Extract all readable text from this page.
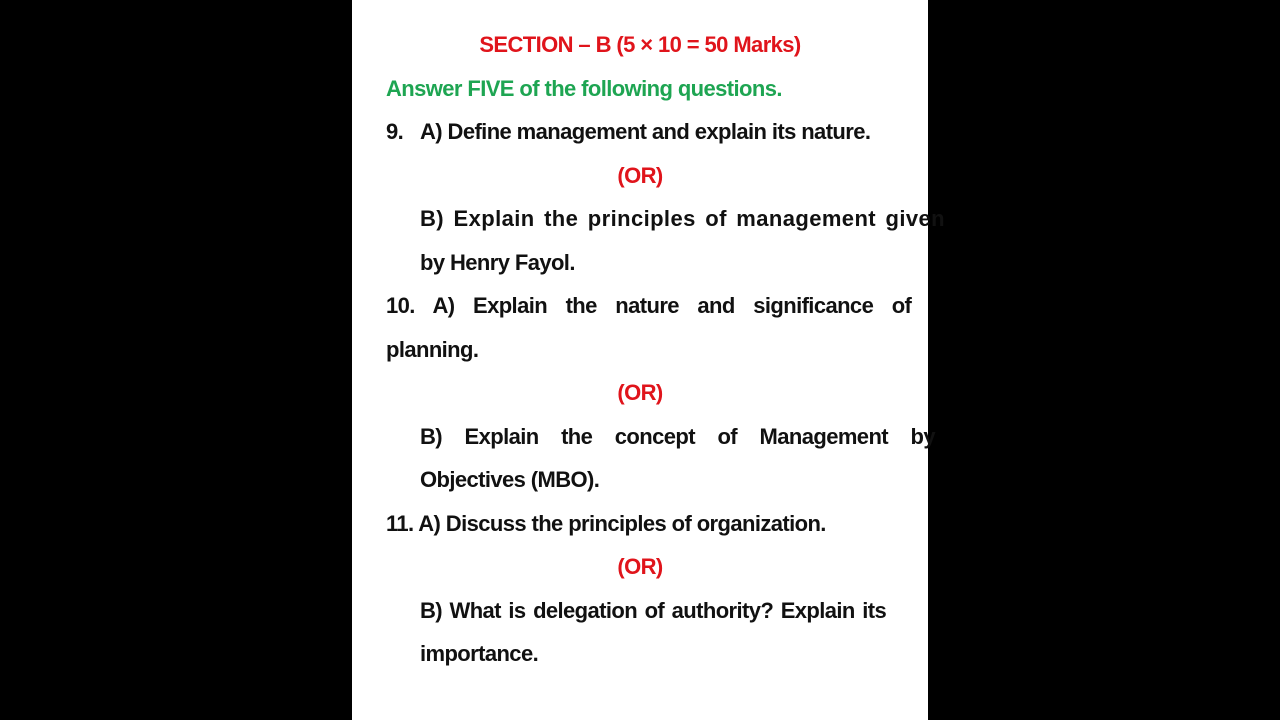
SECTION – B (5 × 10 = 50 Marks)
Answer FIVE of the following questions.
9. A) Define management and explain its nature.
(OR)
B) Explain the principles of management given
by Henry Fayol.
10. A) Explain the nature and significance of
planning.
(OR)
B) Explain the concept of Management by
Objectives (MBO).
11. A) Discuss the principles of organization.
(OR)
B) What is delegation of authority? Explain its
importance.
